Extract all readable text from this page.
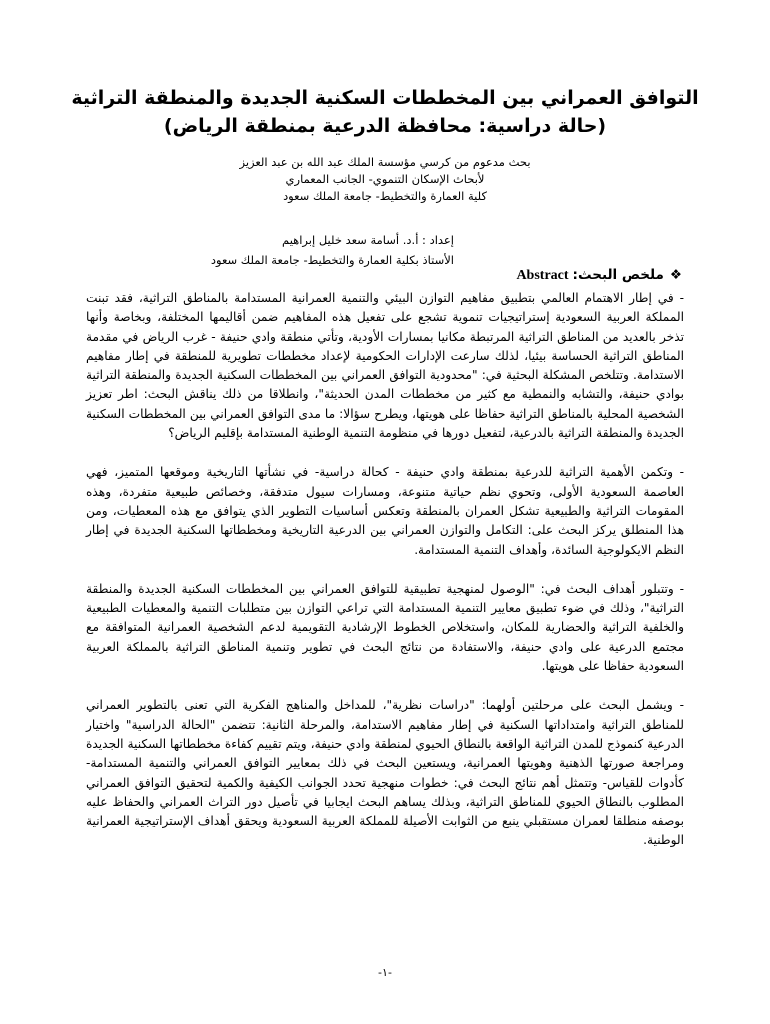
التوافق العمراني بين المخططات السكنية الجديدة والمنطقة التراثية
(حالة دراسية: محافظة الدرعية بمنطقة الرياض)
بحث مدعوم من كرسي مؤسسة الملك عبد الله بن عبد العزيز
لأبحاث الإسكان التنموي- الجانب المعماري
كلية العمارة والتخطيط- جامعة الملك سعود
إعداد : أ.د. أسامة سعد خليل إبراهيم
الأستاذ بكلية العمارة والتخطيط- جامعة الملك سعود
❖ملخص البحث:Abstract

- في إطار الاهتمام العالمي بتطبيق مفاهيم التوازن البيئي والتنمية العمرانية المستدامة بالمناطق التراثية، فقد تبنت المملكة العربية السعودية إستراتيجيات تنموية تشجع على تفعيل هذه المفاهيم ضمن أقاليمها المختلفة، وبخاصة وأنها تذخر بالعديد من المناطق التراثية المرتبطة مكانيا بمسارات الأودية، وتأتي منطقة وادي حنيفة - غرب الرياض في مقدمة المناطق التراثية الحساسة بيئيا، لذلك سارعت الإدارات الحكومية لإعداد مخططات تطويرية للمنطقة في إطار مفاهيم الاستدامة. وتتلخص المشكلة البحثية في: "محدودية التوافق العمراني بين المخططات السكنية الجديدة والمنطقة التراثية بوادي حنيفة، والتشابه والنمطية مع كثير من مخططات المدن الحديثة"، وانطلاقا من ذلك يناقش البحث: اطر تعزيز الشخصية المحلية بالمناطق التراثية حفاظا على هويتها، ويطرح سؤالا: ما مدى التوافق العمراني بين المخططات السكنية الجديدة والمنطقة التراثية بالدرعية، لتفعيل دورها في منظومة التنمية الوطنية المستدامة بإقليم الرياض؟

- وتكمن الأهمية التراثية للدرعية بمنطقة وادي حنيفة - كحالة دراسية- في نشأتها التاريخية وموقعها المتميز، فهي العاصمة السعودية الأولى، وتحوي نظم حياتية متنوعة، ومسارات سيول متدفقة، وخصائص طبيعية متفردة، وهذه المقومات التراثية والطبيعية تشكل العمران بالمنطقة وتعكس أساسيات التطوير الذي يتوافق مع هذه المعطيات، ومن هذا المنطلق يركز البحث على: التكامل والتوازن العمراني بين الدرعية التاريخية ومخططاتها السكنية الجديدة في إطار النظم الايكولوجية السائدة، وأهداف التنمية المستدامة.

- وتتبلور أهداف البحث في: "الوصول لمنهجية تطبيقية للتوافق العمراني بين المخططات السكنية الجديدة والمنطقة التراثية"، وذلك في ضوء تطبيق معايير التنمية المستدامة التي تراعي التوازن بين متطلبات التنمية والمعطيات الطبيعية والخلفية التراثية والحضارية للمكان، واستخلاص الخطوط الإرشادية التقويمية لدعم الشخصية العمرانية المتوافقة مع مجتمع الدرعية على وادي حنيفة، والاستفادة من نتائج البحث في تطوير وتنمية المناطق التراثية بالمملكة العربية السعودية حفاظا على هويتها.

- ويشمل البحث على مرحلتين أولهما: "دراسات نظرية"، للمداخل والمناهج الفكرية التي تعنى بالتطوير العمراني للمناطق التراثية وامتداداتها السكنية في إطار مفاهيم الاستدامة، والمرحلة الثانية: تتضمن "الحالة الدراسية" واختيار الدرعية كنموذج للمدن التراثية الواقعة بالنطاق الحيوي لمنطقة وادي حنيفة، ويتم تقييم كفاءة مخططاتها السكنية الجديدة ومراجعة صورتها الذهنية وهويتها العمرانية، ويستعين البحث في ذلك بمعايير التوافق العمراني والتنمية المستدامة- كأدوات للقياس- وتتمثل أهم نتائج البحث في: خطوات منهجية تحدد الجوانب الكيفية والكمية لتحقيق التوافق العمراني المطلوب بالنطاق الحيوي للمناطق التراثية، وبذلك يساهم البحث ايجابيا في تأصيل دور التراث العمراني والحفاظ عليه بوصفه منطلقا لعمران مستقبلي ينبع من الثوابت الأصيلة للمملكة العربية السعودية ويحقق أهداف الإستراتيجية العمرانية الوطنية.

-١-
